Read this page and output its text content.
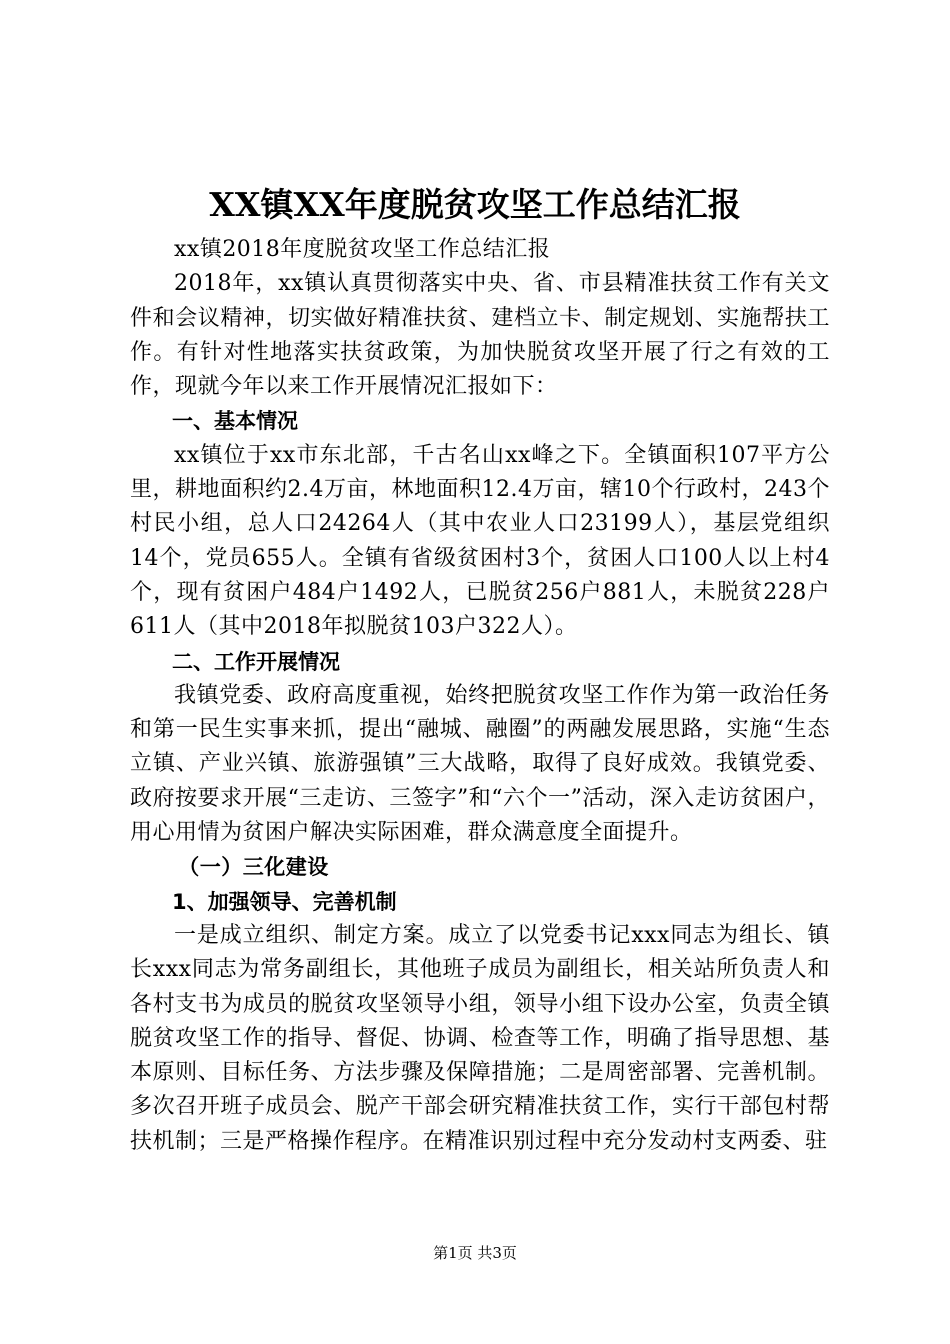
XX镇XX年度脱贫攻坚工作总结汇报

xx镇2018年度脱贫攻坚工作总结汇报

2018年，xx镇认真贯彻落实中央、省、市县精准扶贫工作有关文件和会议精神，切实做好精准扶贫、建档立卡、制定规划、实施帮扶工作。有针对性地落实扶贫政策，为加快脱贫攻坚开展了行之有效的工作，现就今年以来工作开展情况汇报如下：

一、基本情况

xx镇位于xx市东北部，千古名山xx峰之下。全镇面积107平方公里，耕地面积约2.4万亩，林地面积12.4万亩，辖10个行政村，243个村民小组，总人口24264人（其中农业人口23199人），基层党组织14个，党员655人。全镇有省级贫困村3个，贫困人口100人以上村4个，现有贫困户484户1492人，已脱贫256户881人，未脱贫228户611人（其中2018年拟脱贫103户322人）。

二、工作开展情况

我镇党委、政府高度重视，始终把脱贫攻坚工作作为第一政治任务和第一民生实事来抓，提出“融城、融圈”的两融发展思路，实施“生态立镇、产业兴镇、旅游强镇”三大战略，取得了良好成效。我镇党委、政府按要求开展“三走访、三签字”和“六个一”活动，深入走访贫困户，用心用情为贫困户解决实际困难，群众满意度全面提升。

（一）三化建设

1、加强领导、完善机制

一是成立组织、制定方案。成立了以党委书记xxx同志为组长、镇长xxx同志为常务副组长，其他班子成员为副组长，相关站所负责人和各村支书为成员的脱贫攻坚领导小组，领导小组下设办公室，负责全镇脱贫攻坚工作的指导、督促、协调、检查等工作，明确了指导思想、基本原则、目标任务、方法步骤及保障措施；二是周密部署、完善机制。多次召开班子成员会、脱产干部会研究精准扶贫工作，实行干部包村帮扶机制；三是严格操作程序。在精准识别过程中充分发动村支两委、驻

第1页 共3页
